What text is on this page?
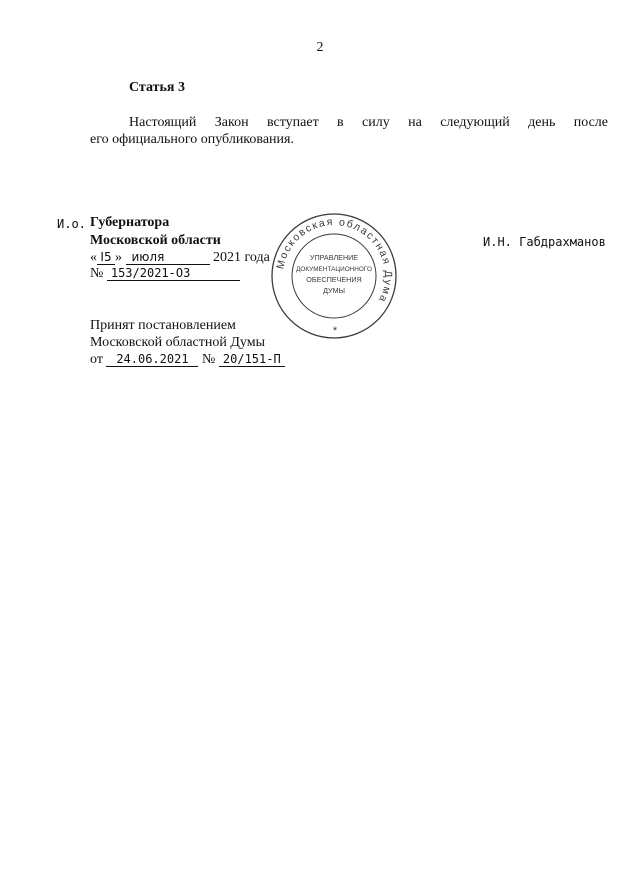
2
Статья 3
Настоящий Закон вступает в силу на следующий день после
его официального опубликования.
И.о. Губернатора
Московской области	И.Н. Габдрахманов
« I5 » июля	2021 года
№ 153/2021-ОЗ
Принят постановлением
Московской областной Думы
от 24.06.2021 № 20/151-П
Московская областная Дума
УПРАВЛЕНИЕ
ДОКУМЕНТАЦИОННОГО
ОБЕСПЕЧЕНИЯ
ДУМЫ
*
